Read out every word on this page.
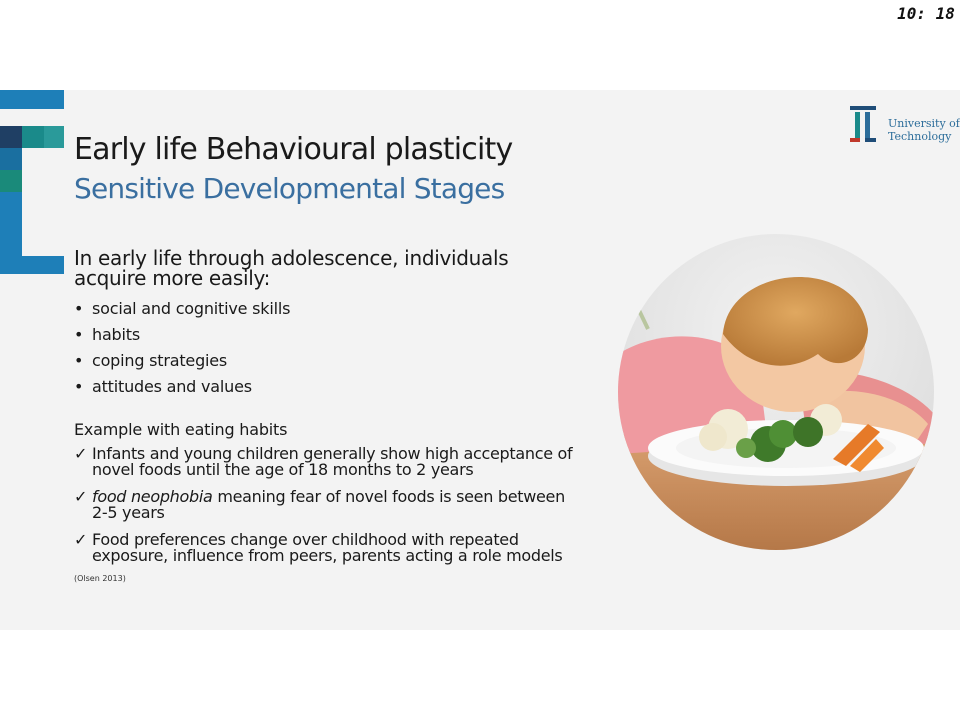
Early life Behavioural plasticity
Sensitive Developmental Stages
In early life through adolescence, individuals acquire more easily:
• social and cognitive skills
• habits
• coping strategies
• attitudes and values
Example with eating habits
✓ Infants and young children generally show high acceptance of novel foods until the age of 18 months to 2 years
✓ food neophobia meaning fear of novel foods is seen between 2-5 years
✓ Food preferences change over childhood with repeated exposure, influence from peers, parents acting a role models
(Olsen 2013)
University of
Technology
10: 18
